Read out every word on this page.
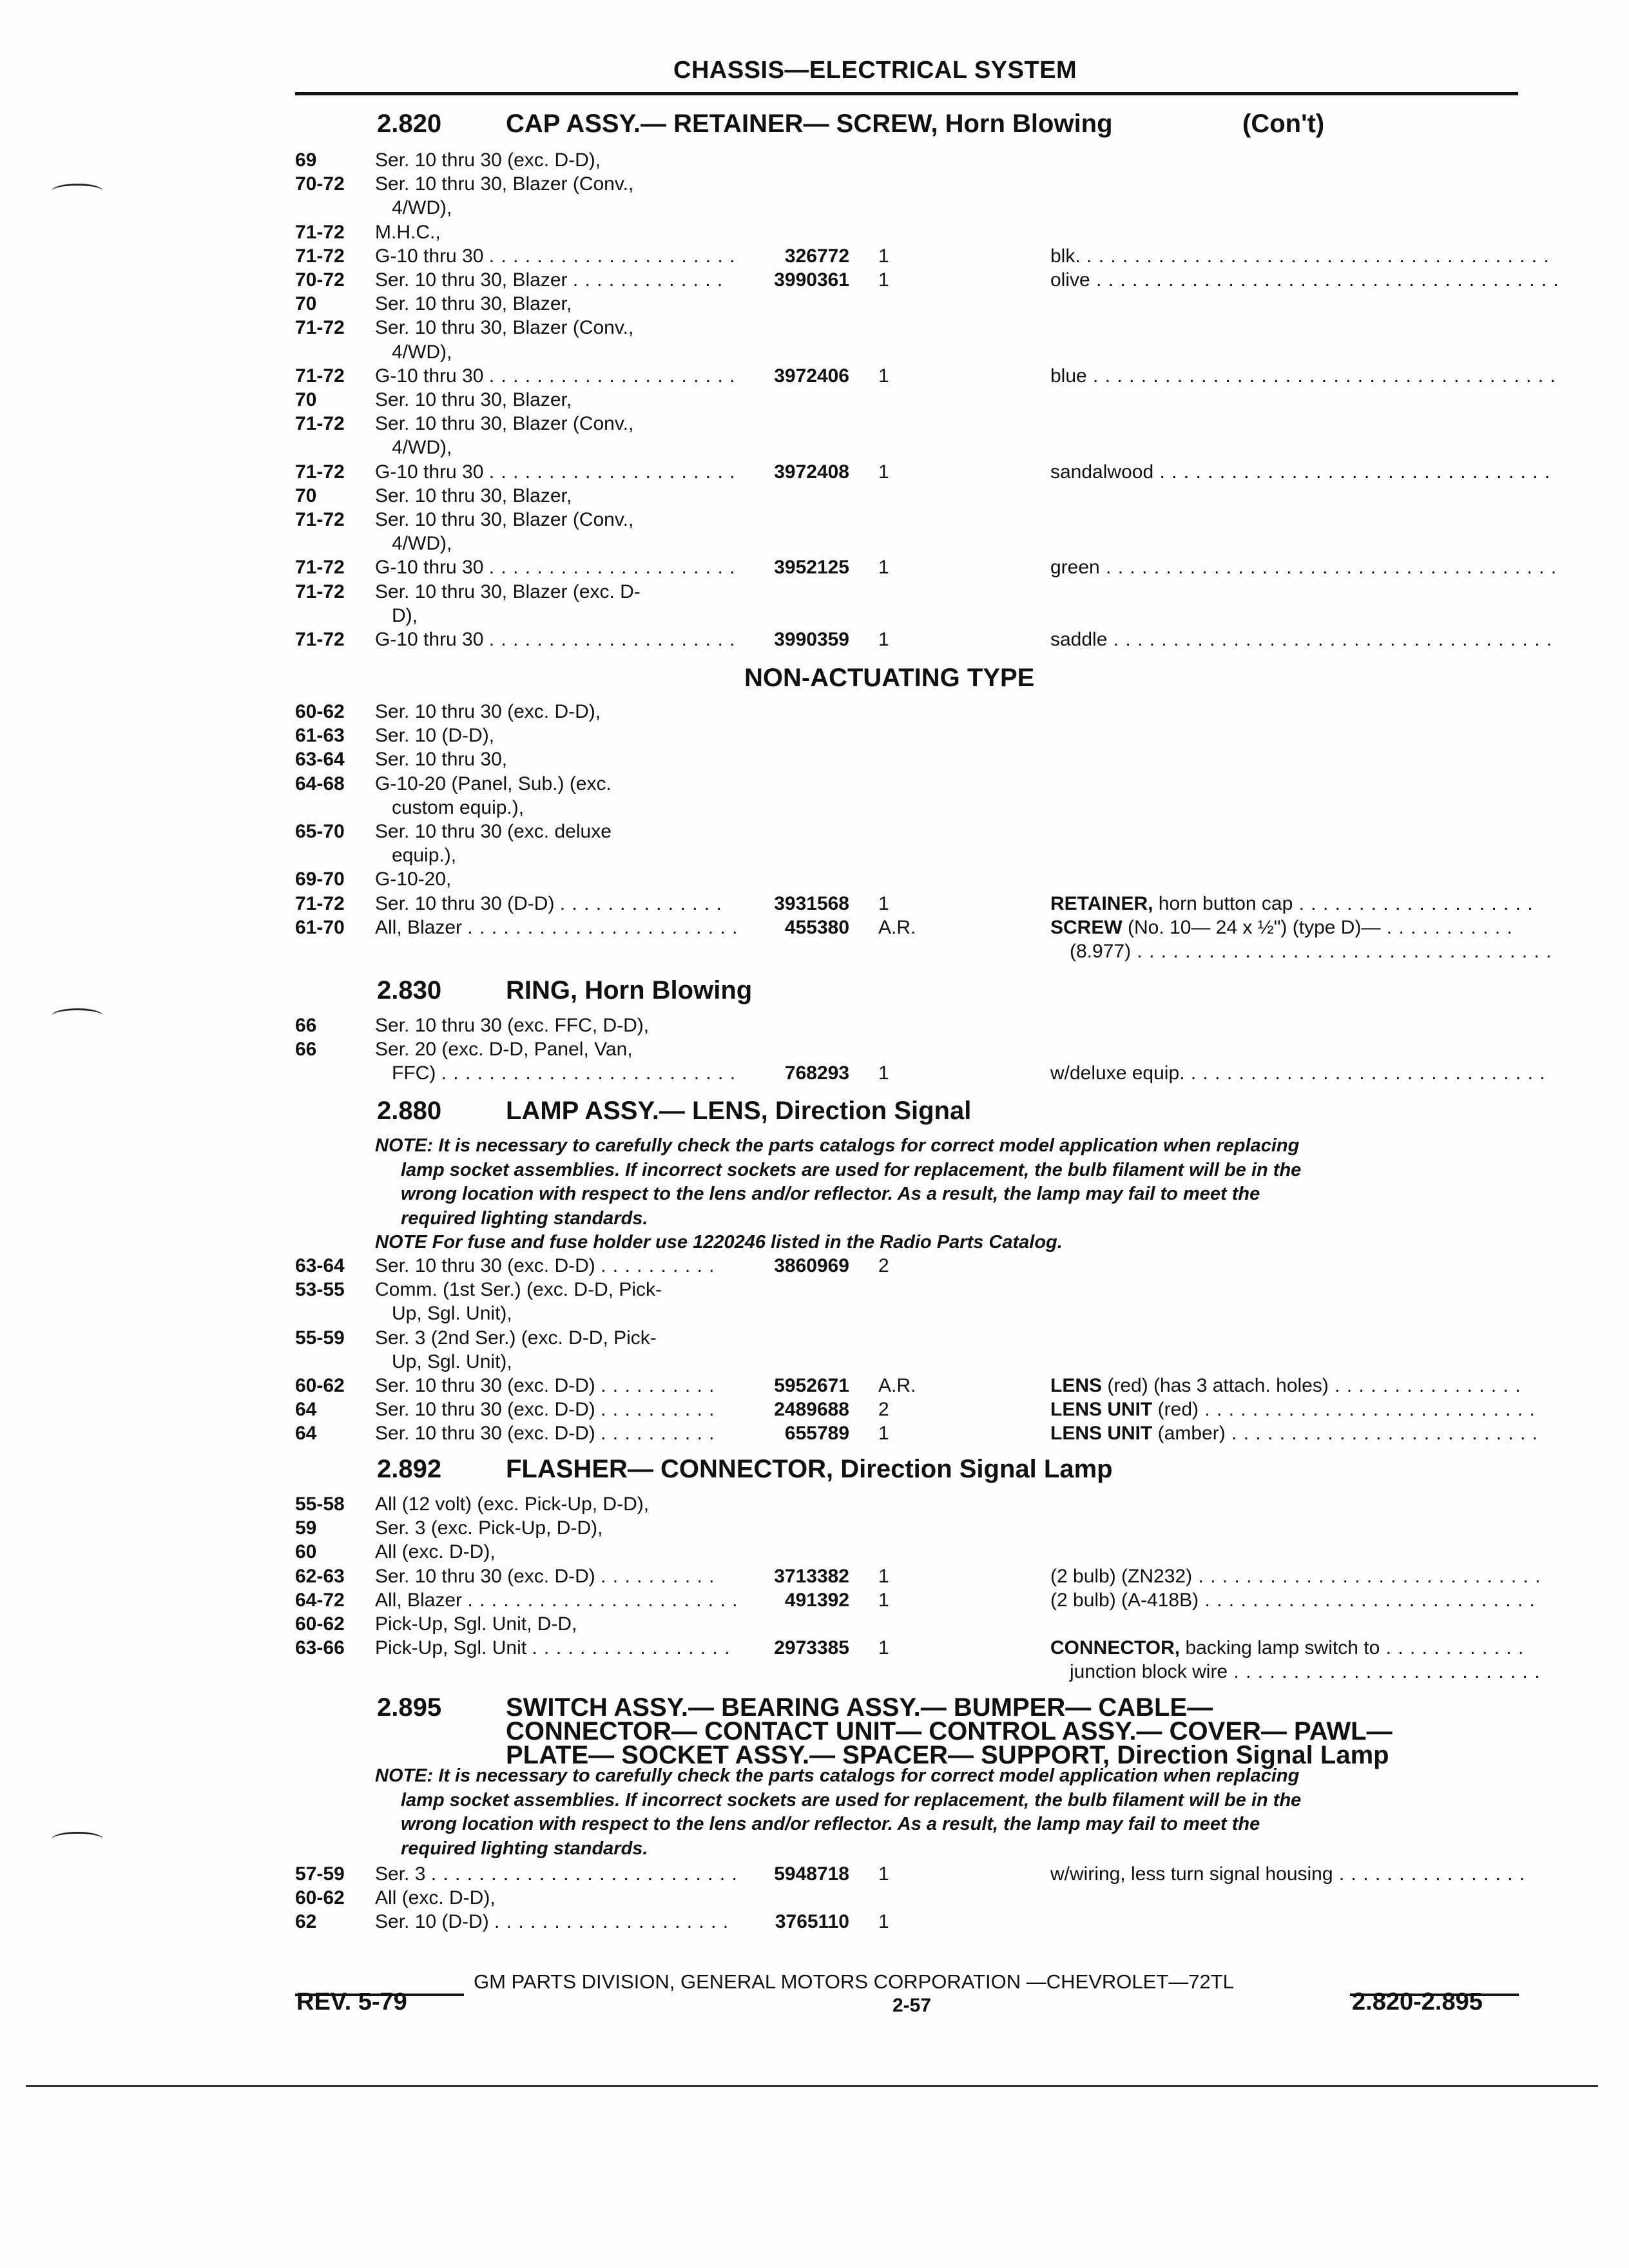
CHASSIS—ELECTRICAL SYSTEM
2.820 CAP ASSY.— RETAINER— SCREW, Horn Blowing	(Con't)
69	Ser. 10 thru 30 (exc. D-D),
70-72 Ser. 10 thru 30, Blazer (Conv.,
4/WD),
71-72 M.H.C.,
71-72 G-10 thru 30 . . . . . . . . . . . . . . . . . . . . .	326772 1	blk. . . . . . . . . . . . . . . . . . . . . . . . . . . . . . . . . . . . . . . .
70-72 Ser. 10 thru 30, Blazer . . . . . . . . . . . . .	3990361 1	olive . . . . . . . . . . . . . . . . . . . . . . . . . . . . . . . . . . . . . . .
70	Ser. 10 thru 30, Blazer,
71-72 Ser. 10 thru 30, Blazer (Conv.,
4/WD),
71-72 G-10 thru 30 . . . . . . . . . . . . . . . . . . . . . 3972406 1	blue . . . . . . . . . . . . . . . . . . . . . . . . . . . . . . . . . . . . . . .
70	Ser. 10 thru 30, Blazer,
71-72 Ser. 10 thru 30, Blazer (Conv.,
4/WD),
71-72 G-10 thru 30 . . . . . . . . . . . . . . . . . . . . . 3972408 1	sandalwood . . . . . . . . . . . . . . . . . . . . . . . . . . . . . . . . .
70	Ser. 10 thru 30, Blazer,
71-72 Ser. 10 thru 30, Blazer (Conv.,
4/WD),
71-72 G-10 thru 30 . . . . . . . . . . . . . . . . . . . . . 3952125 1	green . . . . . . . . . . . . . . . . . . . . . . . . . . . . . . . . . . . . . .
71-72 Ser. 10 thru 30, Blazer (exc. D-
D),
71-72 G-10 thru 30 . . . . . . . . . . . . . . . . . . . . . 3990359 1	saddle . . . . . . . . . . . . . . . . . . . . . . . . . . . . . . . . . . . . .
NON-ACTUATING TYPE
60-62 Ser. 10 thru 30 (exc. D-D),
61-63 Ser. 10 (D-D),
63-64 Ser. 10 thru 30,
64-68 G-10-20 (Panel, Sub.) (exc.
custom equip.),
65-70 Ser. 10 thru 30 (exc. deluxe
equip.),
69-70 G-10-20,
71-72 Ser. 10 thru 30 (D-D) . . . . . . . . . . . . . .	3931568 1	RETAINER, horn button cap . . . . . . . . . . . . . . . . . . . .
61-70 All, Blazer . . . . . . . . . . . . . . . . . . . . . . . 455380 A.R.	SCREW (No. 10— 24 x ½") (type D)— . . . . . . . . . . .
(8.977) . . . . . . . . . . . . . . . . . . . . . . . . . . . . . . . . . . .
2.830 RING, Horn Blowing
66	Ser. 10 thru 30 (exc. FFC, D-D),
66	Ser. 20 (exc. D-D, Panel, Van,
FFC) . . . . . . . . . . . . . . . . . . . . . . . . .	768293 1	w/deluxe equip. . . . . . . . . . . . . . . . . . . . . . . . . . . . . . .
2.880 LAMP ASSY.— LENS, Direction Signal
NOTE: It is necessary to carefully check the parts catalogs for correct model application when replacing
lamp socket assemblies. If incorrect sockets are used for replacement, the bulb filament will be in the
wrong location with respect to the lens and/or reflector. As a result, the lamp may fail to meet the
required lighting standards.
NOTE For fuse and fuse holder use 1220246 listed in the Radio Parts Catalog.
63-64 Ser. 10 thru 30 (exc. D-D) . . . . . . . . . .	3860969 2
53-55 Comm. (1st Ser.) (exc. D-D, Pick-
Up, Sgl. Unit),
55-59 Ser. 3 (2nd Ser.) (exc. D-D, Pick-
Up, Sgl. Unit),
60-62 Ser. 10 thru 30 (exc. D-D) . . . . . . . . . .	5952671 A.R.	LENS (red) (has 3 attach. holes) . . . . . . . . . . . . . . . .
64	Ser. 10 thru 30 (exc. D-D) . . . . . . . . . .	2489688 2	LENS UNIT (red) . . . . . . . . . . . . . . . . . . . . . . . . . . . .
64	Ser. 10 thru 30 (exc. D-D) . . . . . . . . . .	655789 1	LENS UNIT (amber) . . . . . . . . . . . . . . . . . . . . . . . . . .
2.892 FLASHER— CONNECTOR, Direction Signal Lamp
55-58 All (12 volt) (exc. Pick-Up, D-D),
59	Ser. 3 (exc. Pick-Up, D-D),
60	All (exc. D-D),
62-63 Ser. 10 thru 30 (exc. D-D) . . . . . . . . . .	3713382 1	(2 bulb) (ZN232) . . . . . . . . . . . . . . . . . . . . . . . . . . . . .
64-72 All, Blazer . . . . . . . . . . . . . . . . . . . . . . . 491392 1	(2 bulb) (A-418B) . . . . . . . . . . . . . . . . . . . . . . . . . . . .
60-62 Pick-Up, Sgl. Unit, D-D,
63-66 Pick-Up, Sgl. Unit . . . . . . . . . . . . . . . . . 2973385 1	CONNECTOR, backing lamp switch to . . . . . . . . . . . .
junction block wire . . . . . . . . . . . . . . . . . . . . . . . . . .
2.895 SWITCH ASSY.— BEARING ASSY.— BUMPER— CABLE—
CONNECTOR— CONTACT UNIT— CONTROL ASSY.— COVER— PAWL—
PLATE— SOCKET ASSY.— SPACER— SUPPORT, Direction Signal Lamp
NOTE: It is necessary to carefully check the parts catalogs for correct model application when replacing
lamp socket assemblies. If incorrect sockets are used for replacement, the bulb filament will be in the
wrong location with respect to the lens and/or reflector. As a result, the lamp may fail to meet the
required lighting standards.
57-59 Ser. 3 . . . . . . . . . . . . . . . . . . . . . . . . . . 5948718 1	w/wiring, less turn signal housing . . . . . . . . . . . . . . . .
60-62 All (exc. D-D),
62	Ser. 10 (D-D) . . . . . . . . . . . . . . . . . . . . 3765110 1
GM PARTS DIVISION, GENERAL MOTORS CORPORATION —CHEVROLET—72TL
REV. 5-79	2-57	2.820-2.895
